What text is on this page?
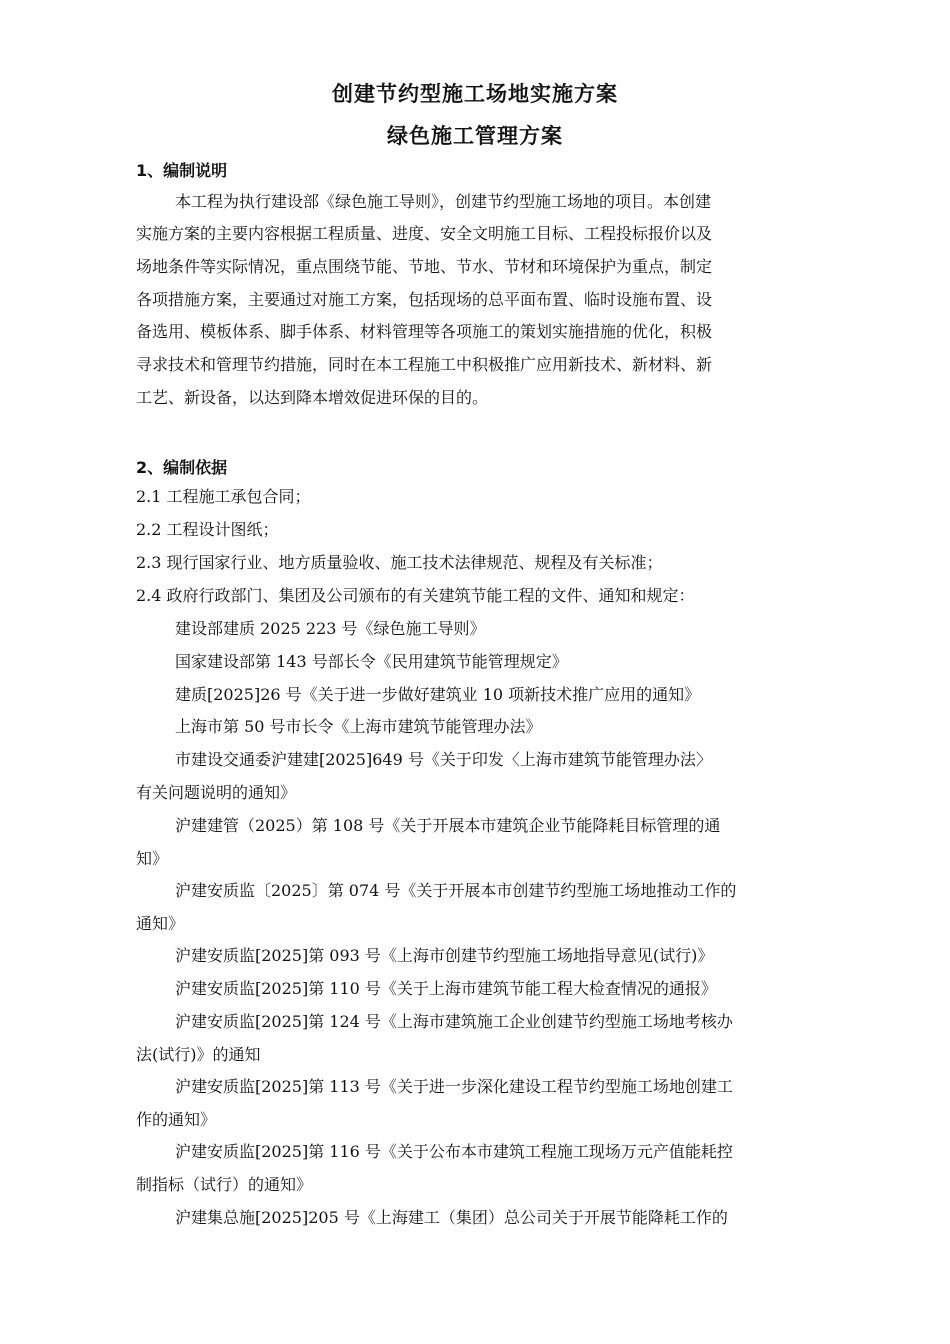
创建节约型施工场地实施方案
绿色施工管理方案
1、编制说明
本工程为执行建设部《绿色施工导则》，创建节约型施工场地的项目。本创建
实施方案的主要内容根据工程质量、进度、安全文明施工目标、工程投标报价以及
场地条件等实际情况，重点围绕节能、节地、节水、节材和环境保护为重点，制定
各项措施方案，主要通过对施工方案，包括现场的总平面布置、临时设施布置、设
备选用、模板体系、脚手体系、材料管理等各项施工的策划实施措施的优化，积极
寻求技术和管理节约措施，同时在本工程施工中积极推广应用新技术、新材料、新
工艺、新设备，以达到降本增效促进环保的目的。
2、编制依据
2.1 工程施工承包合同；
2.2 工程设计图纸；
2.3 现行国家行业、地方质量验收、施工技术法律规范、规程及有关标准；
2.4 政府行政部门、集团及公司颁布的有关建筑节能工程的文件、通知和规定：
建设部建质 2025 223 号《绿色施工导则》
国家建设部第 143 号部长令《民用建筑节能管理规定》
建质[2025]26 号《关于进一步做好建筑业 10 项新技术推广应用的通知》
上海市第 50 号市长令《上海市建筑节能管理办法》
市建设交通委沪建建[2025]649 号《关于印发〈上海市建筑节能管理办法〉
有关问题说明的通知》
沪建建管（2025）第 108 号《关于开展本市建筑企业节能降耗目标管理的通
知》
沪建安质监〔2025〕第 074 号《关于开展本市创建节约型施工场地推动工作的
通知》
沪建安质监[2025]第 093 号《上海市创建节约型施工场地指导意见(试行)》
沪建安质监[2025]第 110 号《关于上海市建筑节能工程大检查情况的通报》
沪建安质监[2025]第 124 号《上海市建筑施工企业创建节约型施工场地考核办
法(试行)》的通知
沪建安质监[2025]第 113 号《关于进一步深化建设工程节约型施工场地创建工
作的通知》
沪建安质监[2025]第 116 号《关于公布本市建筑工程施工现场万元产值能耗控
制指标（试行）的通知》
沪建集总施[2025]205 号《上海建工（集团）总公司关于开展节能降耗工作的
